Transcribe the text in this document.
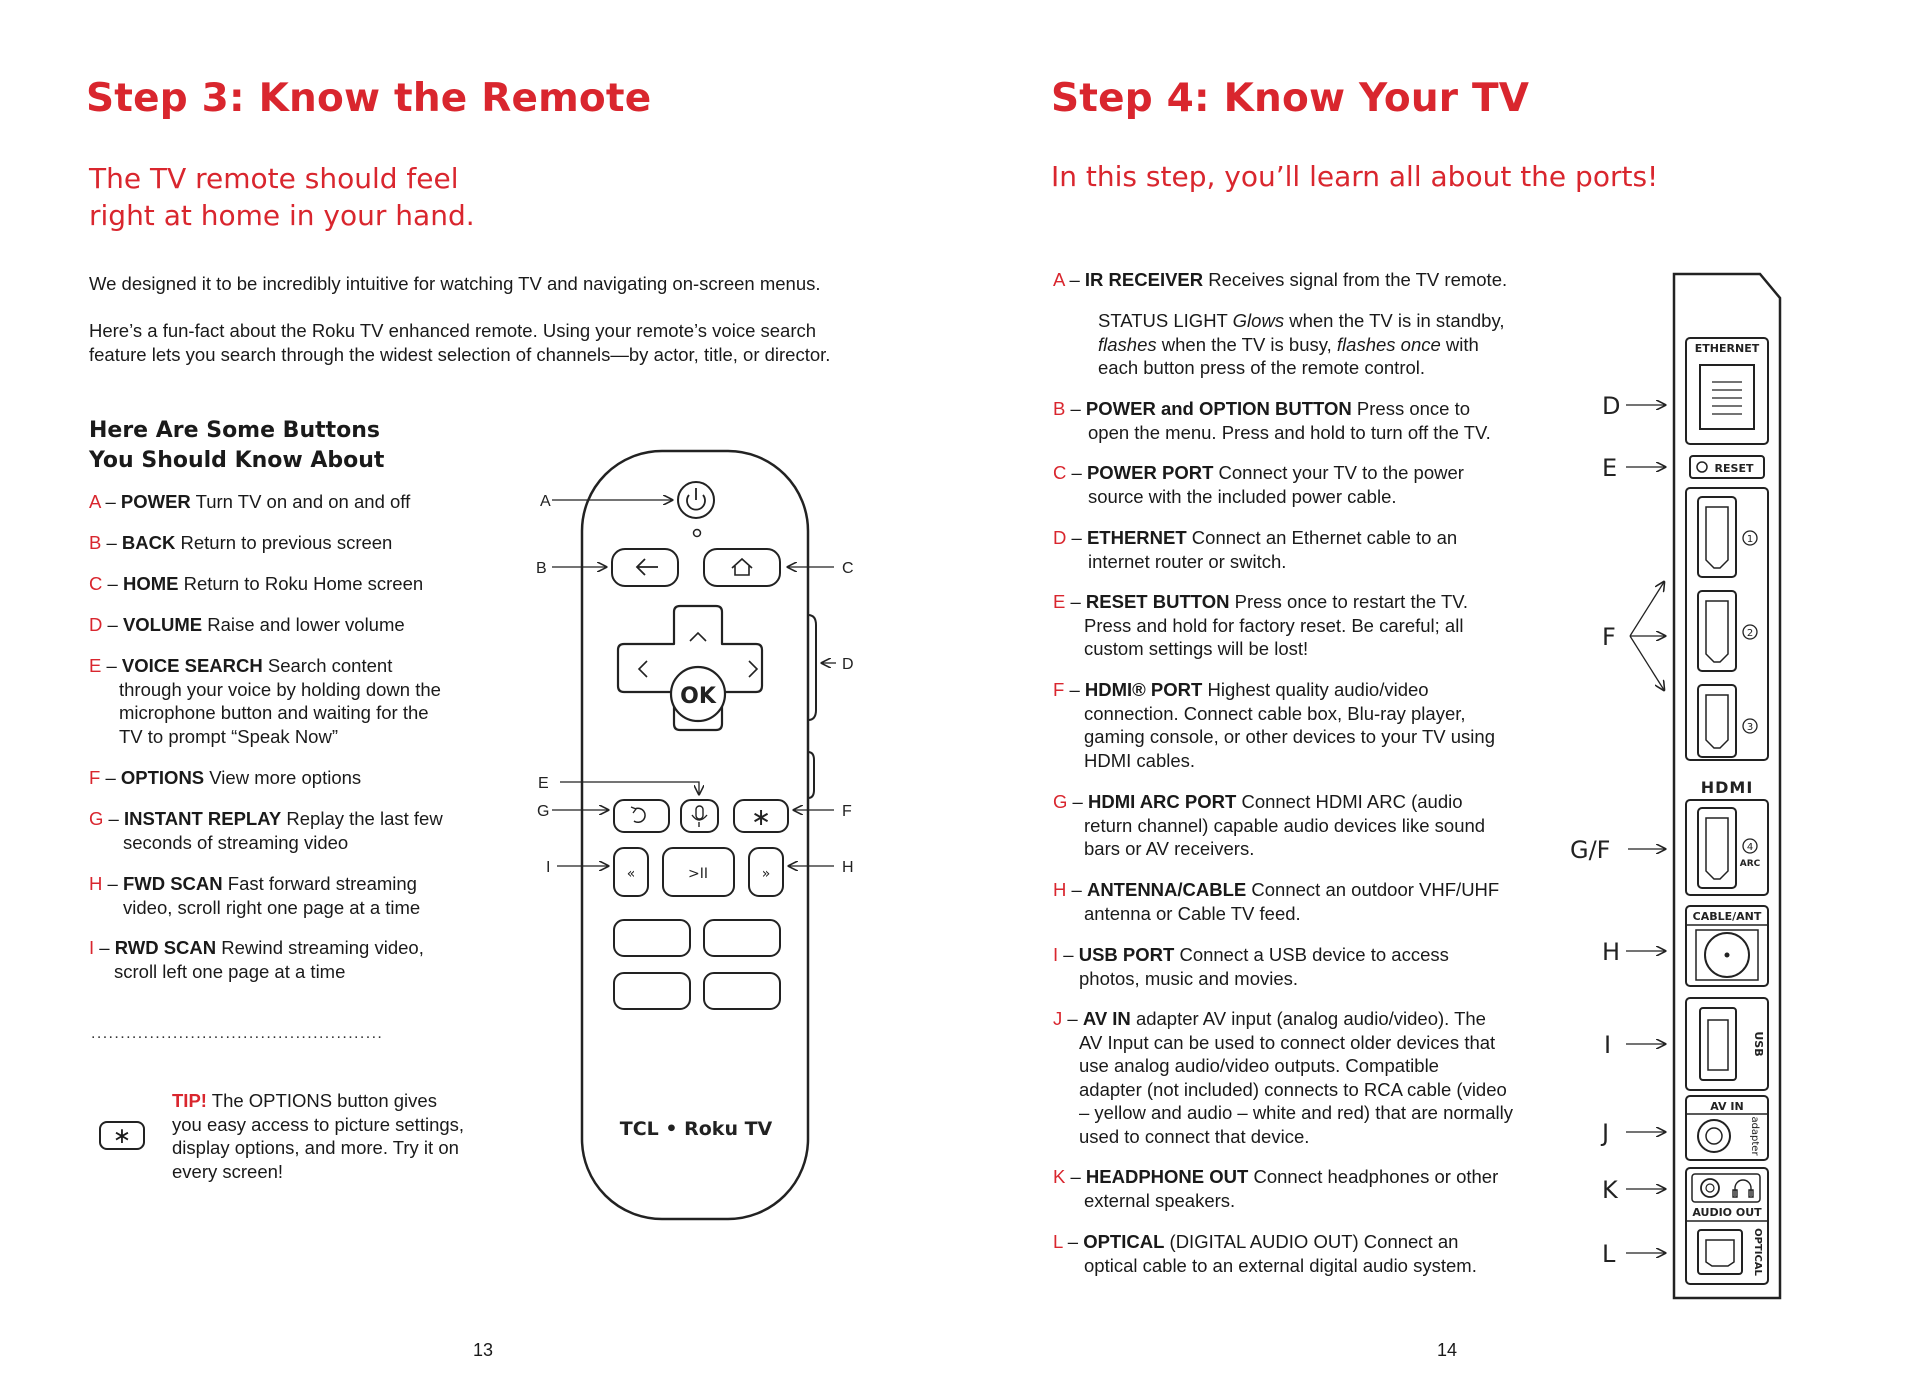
Step 3: Know the Remote
The TV remote should feel
right at home in your hand.
We designed it to be incredibly intuitive for watching TV and navigating on-screen menus.
Here’s a fun-fact about the Roku TV enhanced remote. Using your remote’s voice search
feature lets you search through the widest selection of channels—by actor, title, or director.
Here Are Some Buttons
You Should Know About
A – POWER Turn TV on and on and off
B – BACK Return to previous screen
C – HOME Return to Roku Home screen
D – VOLUME Raise and lower volume
E – VOICE SEARCH Search content
through your voice by holding down the
microphone button and waiting for the
TV to prompt “Speak Now”
F – OPTIONS View more options
G – INSTANT REPLAY Replay the last few
seconds of streaming video
H – FWD SCAN Fast forward streaming
video, scroll right one page at a time
I – RWD SCAN Rewind streaming video,
scroll left one page at a time
..................................................
∗
TIP! The OPTIONS button gives
you easy access to picture settings,
display options, and more. Try it on
every screen!
OK
∗
«	>II	»
TCL • Roku TV
A
B	C
D
E
G	F
I	H
13
Step 4: Know Your TV
In this step, you’ll learn all about the ports!
A – IR RECEIVER Receives signal from the TV remote.
STATUS LIGHT Glows when the TV is in standby,
flashes when the TV is busy, flashes once with
each button press of the remote control.
B – POWER and OPTION BUTTON Press once to
open the menu. Press and hold to turn off the TV.
C – POWER PORT Connect your TV to the power
source with the included power cable.
D – ETHERNET Connect an Ethernet cable to an
internet router or switch.
E – RESET BUTTON Press once to restart the TV.
Press and hold for factory reset. Be careful; all
custom settings will be lost!
F – HDMI® PORT Highest quality audio/video
connection. Connect cable box, Blu-ray player,
gaming console, or other devices to your TV using
HDMI cables.
G – HDMI ARC PORT Connect HDMI ARC (audio
return channel) capable audio devices like sound
bars or AV receivers.
H – ANTENNA/CABLE Connect an outdoor VHF/UHF
antenna or Cable TV feed.
I – USB PORT Connect a USB device to access
photos, music and movies.
J – AV IN adapter AV input (analog audio/video). The
AV Input can be used to connect older devices that
use analog audio/video outputs. Compatible
adapter (not included) connects to RCA cable (video
– yellow and audio – white and red) that are normally
used to connect that device.
K – HEADPHONE OUT Connect headphones or other
external speakers.
L – OPTICAL (DIGITAL AUDIO OUT) Connect an
optical cable to an external digital audio system.
ETHERNET
RESET
1
2
3
HDMI
4
ARC
CABLE/ANT
USB
AV IN
adapter
AUDIO OUT
OPTICAL
D
E
F
G/F
H
I
J
K
L
14
